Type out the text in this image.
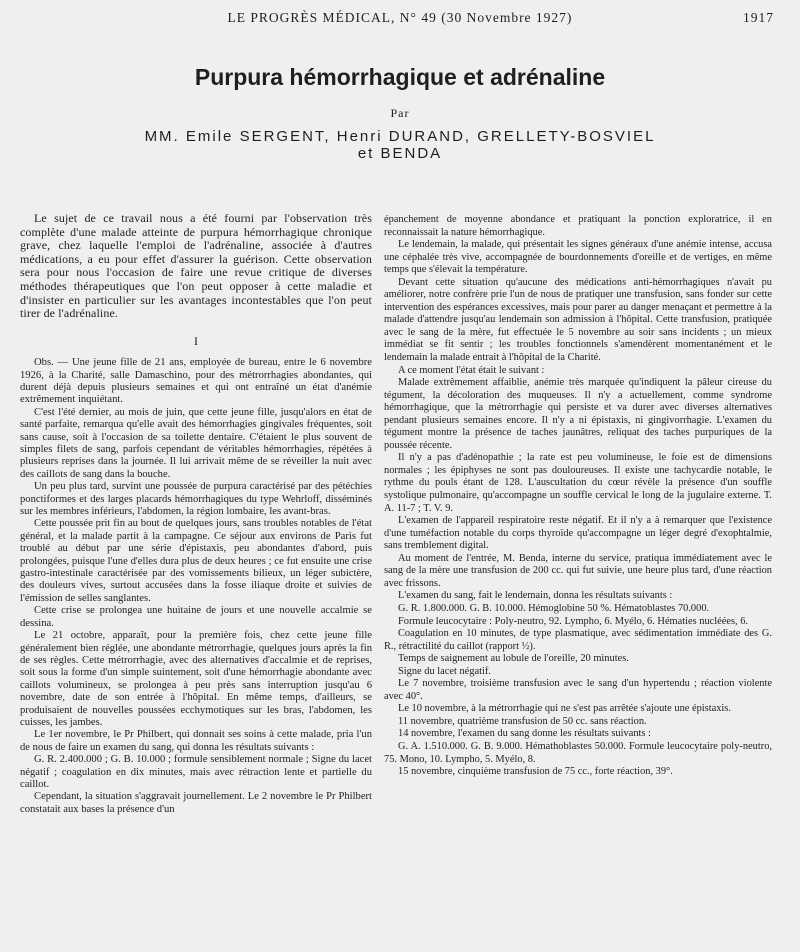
LE PROGRÈS MÉDICAL, N° 49 (30 Novembre 1927)	1917
Purpura hémorrhagique et adrénaline
Par
MM. Emile SERGENT, Henri DURAND, GRELLETY-BOSVIEL
et BENDA

Le sujet de ce travail nous a été fourni par l'observation très complète d'une malade atteinte de purpura hémorrhagique chronique grave, chez laquelle l'emploi de l'adrénaline, associée à d'autres médications, a eu pour effet d'assurer la guérison. Cette observation sera pour nous l'occasion de faire une revue critique de diverses méthodes thérapeutiques que l'on peut opposer à cette maladie et d'insister en particulier sur les avantages incontestables que l'on peut tirer de l'adrénaline.

I

Obs. — Une jeune fille de 21 ans, employée de bureau, entre le 6 novembre 1926, à la Charité, salle Damaschino, pour des métrorrhagies abondantes, qui durent déjà depuis plusieurs semaines et qui ont entraîné un état d'anémie extrêmement inquiétant.

C'est l'été dernier, au mois de juin, que cette jeune fille, jusqu'alors en état de santé parfaite, remarqua qu'elle avait des hémorrhagies gingivales fréquentes, soit sans cause, soit à l'occasion de sa toilette dentaire. C'étaient le plus souvent de simples filets de sang, parfois cependant de véritables hémorrhagies, répétées à plusieurs reprises dans la journée. Il lui arrivait même de se réveiller la nuit avec des caillots de sang dans la bouche.

Un peu plus tard, survint une poussée de purpura caractérisé par des pétéchies ponctiformes et des larges placards hémorrhagiques du type Wehrloff, disséminés sur les membres inférieurs, l'abdomen, la région lombaire, les avant-bras.

Cette poussée prit fin au bout de quelques jours, sans troubles notables de l'état général, et la malade partit à la campagne. Ce séjour aux environs de Paris fut troublé au début par une série d'épistaxis, peu abondantes d'abord, puis prolongées, puisque l'une d'elles dura plus de deux heures ; ce fut ensuite une crise gastro-intestinale caractérisée par des vomissements bilieux, un léger subictère, des douleurs vives, surtout accusées dans la fosse iliaque droite et suivies de l'émission de selles sanglantes.

Cette crise se prolongea une huitaine de jours et une nouvelle accalmie se dessina.

Le 21 octobre, apparaît, pour la première fois, chez cette jeune fille généralement bien réglée, une abondante métrorrhagie, quelques jours après la fin de ses règles. Cette métrorrhagie, avec des alternatives d'accalmie et de reprises, soit sous la forme d'un simple suintement, soit d'une hémorrhagie abondante avec caillots volumineux, se prolongea à peu près sans interruption jusqu'au 6 novembre, date de son entrée à l'hôpital. En même temps, d'ailleurs, se produisaient de nouvelles poussées ecchymotiques sur les bras, l'abdomen, les cuisses, les jambes.

Le 1er novembre, le Pr Philbert, qui donnait ses soins à cette malade, pria l'un de nous de faire un examen du sang, qui donna les résultats suivants :

G. R. 2.400.000 ; G. B. 10.000 ; formule sensiblement normale ; Signe du lacet négatif ; coagulation en dix minutes, mais avec rétraction lente et partielle du caillot.

Cependant, la situation s'aggravait journellement. Le 2 novembre le Pr Philbert constatait aux bases la présence d'un

épanchement de moyenne abondance et pratiquant la ponction exploratrice, il en reconnaissait la nature hémorrhagique.

Le lendemain, la malade, qui présentait les signes généraux d'une anémie intense, accusa une céphalée très vive, accompagnée de bourdonnements d'oreille et de vertiges, en même temps que s'élevait la température.

Devant cette situation qu'aucune des médications anti-hémorrhagiques n'avait pu améliorer, notre confrère prie l'un de nous de pratiquer une transfusion, sans fonder sur cette intervention des espérances excessives, mais pour parer au danger menaçant et permettre à la malade d'attendre jusqu'au lendemain son admission à l'hôpital. Cette transfusion, pratiquée avec le sang de la mère, fut effectuée le 5 novembre au soir sans incidents ; un mieux immédiat se fit sentir ; les troubles fonctionnels s'amendèrent momentanément et le lendemain la malade entrait à l'hôpital de la Charité.

A ce moment l'état était le suivant :

Malade extrêmement affaiblie, anémie très marquée qu'indiquent la pâleur cireuse du tégument, la décoloration des muqueuses. Il n'y a actuellement, comme syndrome hémorrhagique, que la métrorrhagie qui persiste et va durer avec diverses alternatives pendant plusieurs semaines encore. Il n'y a ni épistaxis, ni gingivorrhagie. L'examen du tégument montre la présence de taches jaunâtres, reliquat des taches purpuriques de la poussée récente.

Il n'y a pas d'adénopathie ; la rate est peu volumineuse, le foie est de dimensions normales ; les épiphyses ne sont pas douloureuses. Il existe une tachycardie notable, le rythme du pouls étant de 128. L'auscultation du cœur révèle la présence d'un souffle systolique pulmonaire, qu'accompagne un souffle cervical le long de la jugulaire externe. T. A. 11-7 ; T. V. 9.

L'examen de l'appareil respiratoire reste négatif. Et il n'y a à remarquer que l'existence d'une tuméfaction notable du corps thyroïde qu'accompagne un léger degré d'exophtalmie, sans tremblement digital.

Au moment de l'entrée, M. Benda, interne du service, pratiqua immédiatement avec le sang de la mère une transfusion de 200 cc. qui fut suivie, une heure plus tard, d'une réaction avec frissons.

L'examen du sang, fait le lendemain, donna les résultats suivants :

G. R. 1.800.000. G. B. 10.000. Hémoglobine 50 %. Hématoblastes 70.000.

Formule leucocytaire : Poly-neutro, 92. Lympho, 6. Myélo, 6. Hématies nucléées, 6.

Coagulation en 10 minutes, de type plasmatique, avec sédimentation immédiate des G. R., rétractilité du caillot (rapport ½).

Temps de saignement au lobule de l'oreille, 20 minutes.

Signe du lacet négatif.

Le 7 novembre, troisième transfusion avec le sang d'un hypertendu ; réaction violente avec 40°.

Le 10 novembre, à la métrorrhagie qui ne s'est pas arrêtée s'ajoute une épistaxis.

11 novembre, quatrième transfusion de 50 cc. sans réaction.

14 novembre, l'examen du sang donne les résultats suivants :

G. A. 1.510.000. G. B. 9.000. Hémathoblastes 50.000. Formule leucocytaire poly-neutro, 75. Mono, 10. Lympho, 5. Myélo, 8.

15 novembre, cinquième transfusion de 75 cc., forte réaction, 39°.
